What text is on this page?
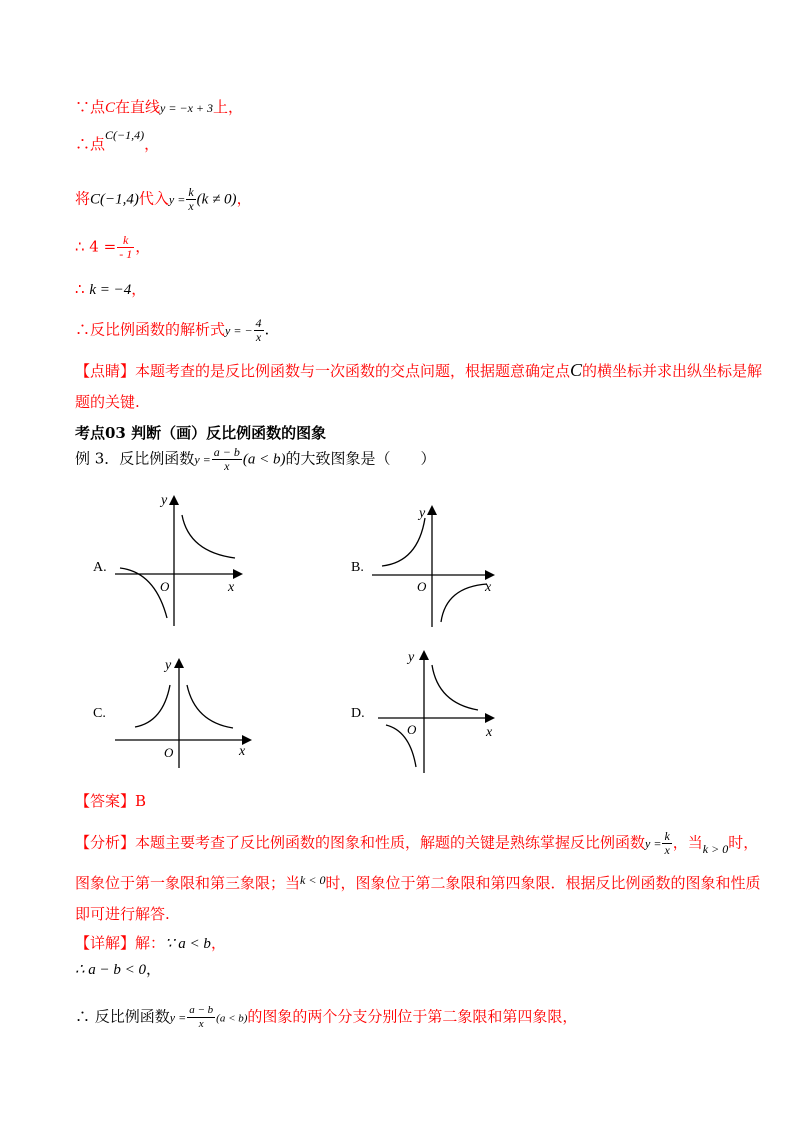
∵点C在直线y = −x + 3上，
∴点$^{C(-1,4)}$，
将C(−1,4)代入$y = \frac{k}{x} (k \ne 0)$，
∴ $4 = \frac{k}{- 1}$ ，
∴ k = −4，
∴反比例函数的解析式y = − $\frac{4}{x}$ .
【点睛】本题考查的是反比例函数与一次函数的交点问题，根据题意确定点C的横坐标并求出纵坐标是解
题的关键.
考点03 判断（画）反比例函数的图象
例 3．反比例函数$y = \frac{a - b}{x} (a < b)$的大致图象是（　　）
A.
y
x
O
B.
y
x
O
C.
y
x
O
D.
y
x
O
【答案】B
【分析】本题主要考查了反比例函数的图象和性质，解题的关键是熟练掌握反比例函数$y = \frac{k}{x}$ ，当$_{k > 0}$时，
图象位于第一象限和第三象限；当$^{k < 0}$时，图象位于第二象限和第四象限．根据反比例函数的图象和性质
即可进行解答.
【详解】解：∵ a < b，
∴ a − b < 0，
∴ 反比例函数$y = \frac{a - b}{x} (a < b)$的图象的两个分支分别位于第二象限和第四象限，
